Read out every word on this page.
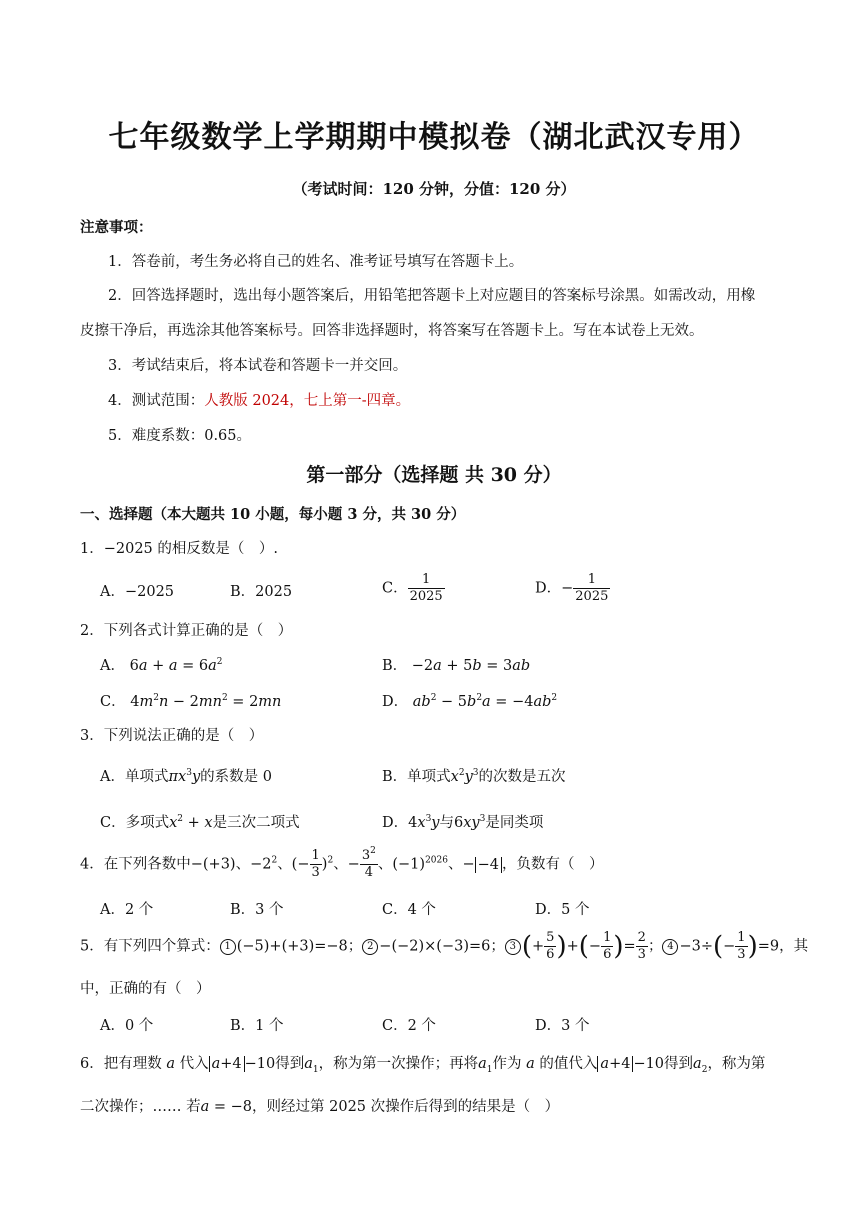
七年级数学上学期期中模拟卷（湖北武汉专用）
（考试时间：120 分钟，分值：120 分）
注意事项：
1．答卷前，考生务必将自己的姓名、准考证号填写在答题卡上。
2．回答选择题时，选出每小题答案后，用铅笔把答题卡上对应题目的答案标号涂黑。如需改动，用橡
皮擦干净后，再选涂其他答案标号。回答非选择题时，将答案写在答题卡上。写在本试卷上无效。
3．考试结束后，将本试卷和答题卡一并交回。
4．测试范围：人教版 2024，七上第一-四章。
5．难度系数：0.65。
第一部分（选择题 共 30 分）
一、选择题（本大题共 10 小题，每小题 3 分，共 30 分）
1．−2025 的相反数是（　）.
A．−2025	B．2025	C． $\frac{1}{2025}$	D．− $\frac{1}{2025}$
2．下列各式计算正确的是（　）
A． $6a + a = 6a^2$	B． −2a + 5b = 3ab
C． $4m^2n - 2mn^2 = 2mn$	D． $ab^2 - 5b^2a = -4ab^2$
3．下列说法正确的是（　）
A．单项式$\pi x^3y$的系数是 0	B．单项式$x^2y^3$的次数是五次
C．多项式$x^2 + x$是三次二项式	D．$4x^3y$与$6xy^3$是同类项
4．在下列各数中−(+3)、$-2^2$、(− $\frac{1}{3} )^2$、− $\frac{3^2}{4}$ 、$(-1)^{2026}$、− −4 ，负数有（　）
A．2 个	B．3 个	C．4 个	D．5 个
5．有下列四个算式： 1 (−5)+(+3)=−8； 2 −(−2)×(−3)=6； 3 (+ $\frac{5}{6}$ )+(− $\frac{1}{6}$ )= $\frac{2}{3}$ ； $4 -3\div(- \frac{1}{3} )=9$，其
中，正确的有（　）
A．0 个	B．1 个	C．2 个	D．3 个
6．把有理数 a 代入 a+4 −10得到$a_1$，称为第一次操作；再将$a_1$作为 a 的值代入 a+4 −10得到$a_2$，称为第
二次操作；…… 若a = −8，则经过第 2025 次操作后得到的结果是（　）
